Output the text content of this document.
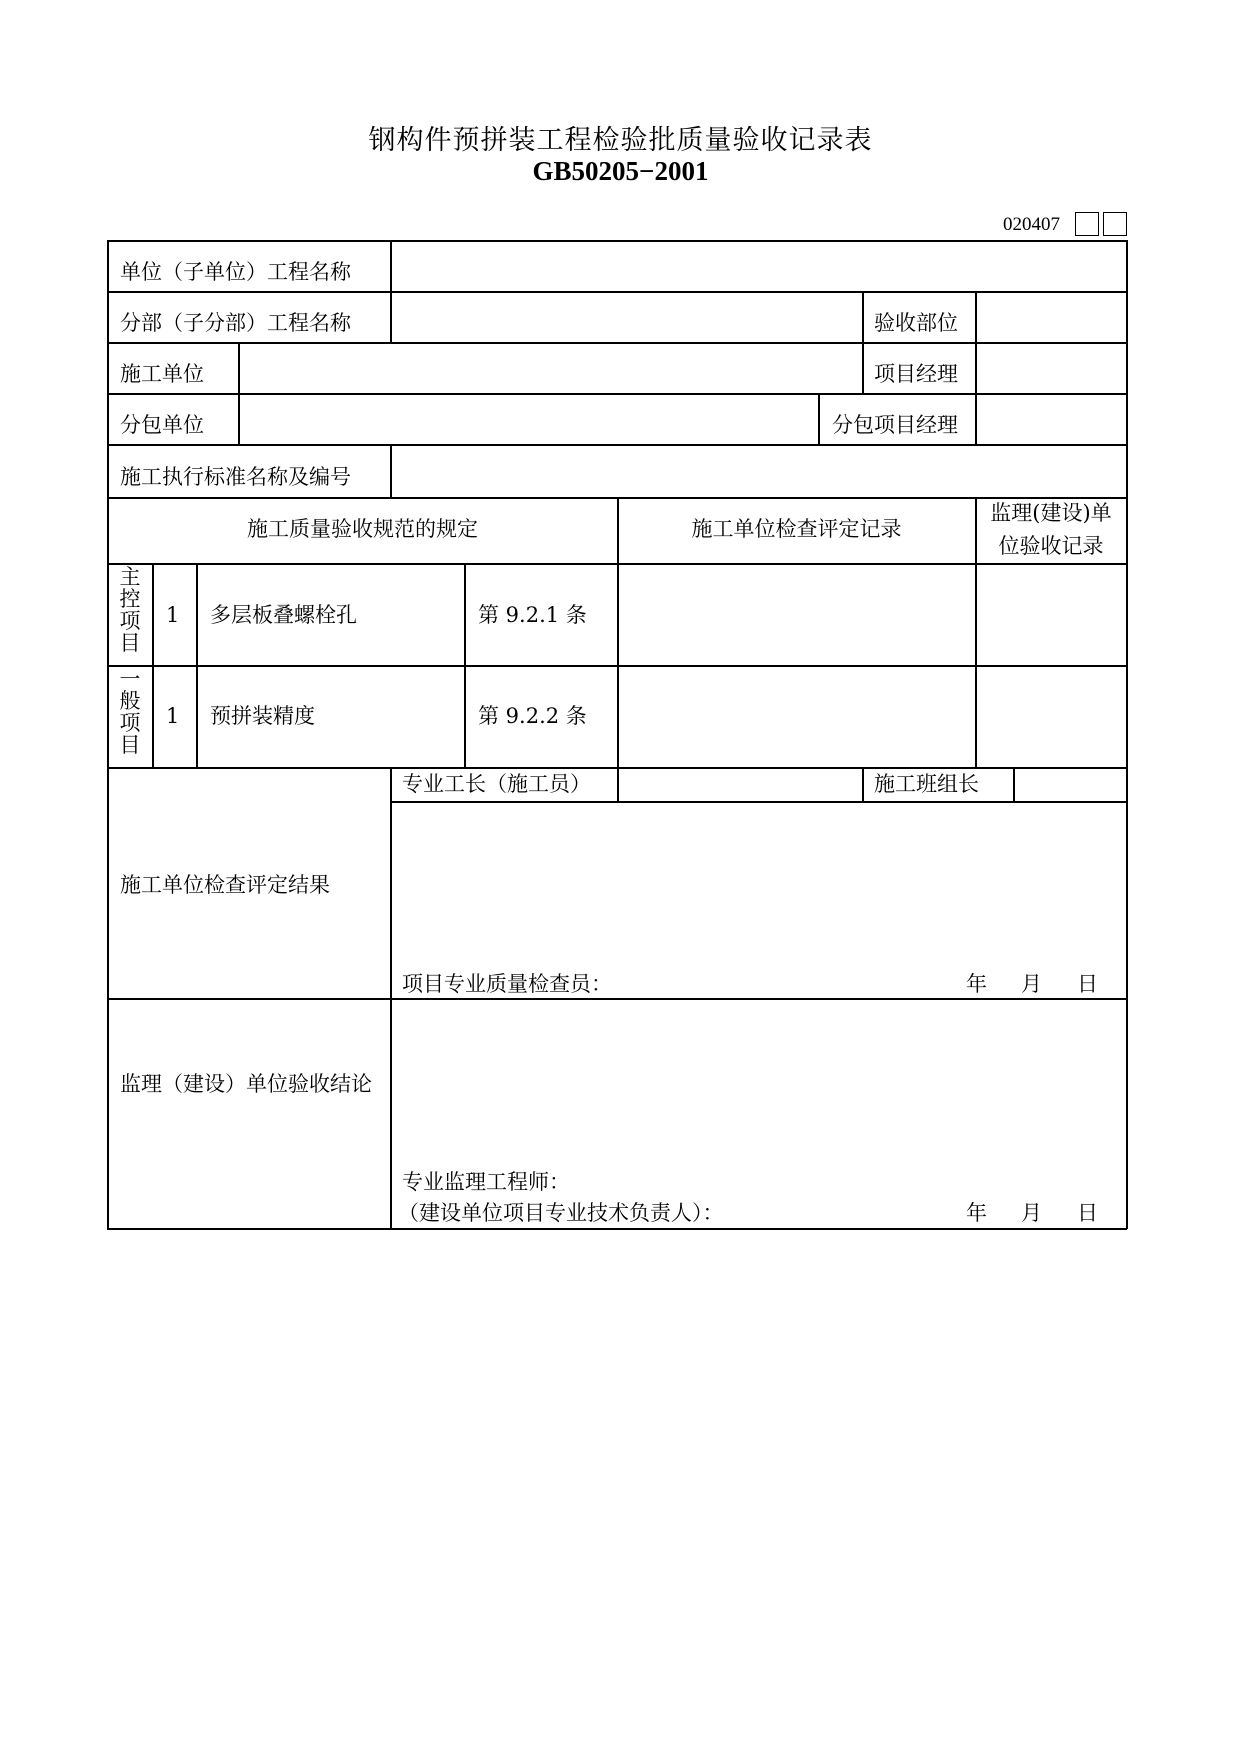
钢构件预拼装工程检验批质量验收记录表
GB50205−2001
020407
单位（子单位）工程名称
分部（子分部）工程名称	验收部位
施工单位	项目经理
分包单位	分包项目经理
施工执行标准名称及编号
施工质量验收规范的规定	施工单位检查评定记录
监理(建设)单
位验收记录
主控项目
1 多层板叠螺栓孔	第 9.2.1 条
一般项目
1 预拼装精度	第 9.2.2 条
专业工长（施工员）	施工班组长
施工单位检查评定结果
项目专业质量检查员：	年 月 日
监理（建设）单位验收结论
专业监理工程师：
（建设单位项目专业技术负责人）：	年 月 日
